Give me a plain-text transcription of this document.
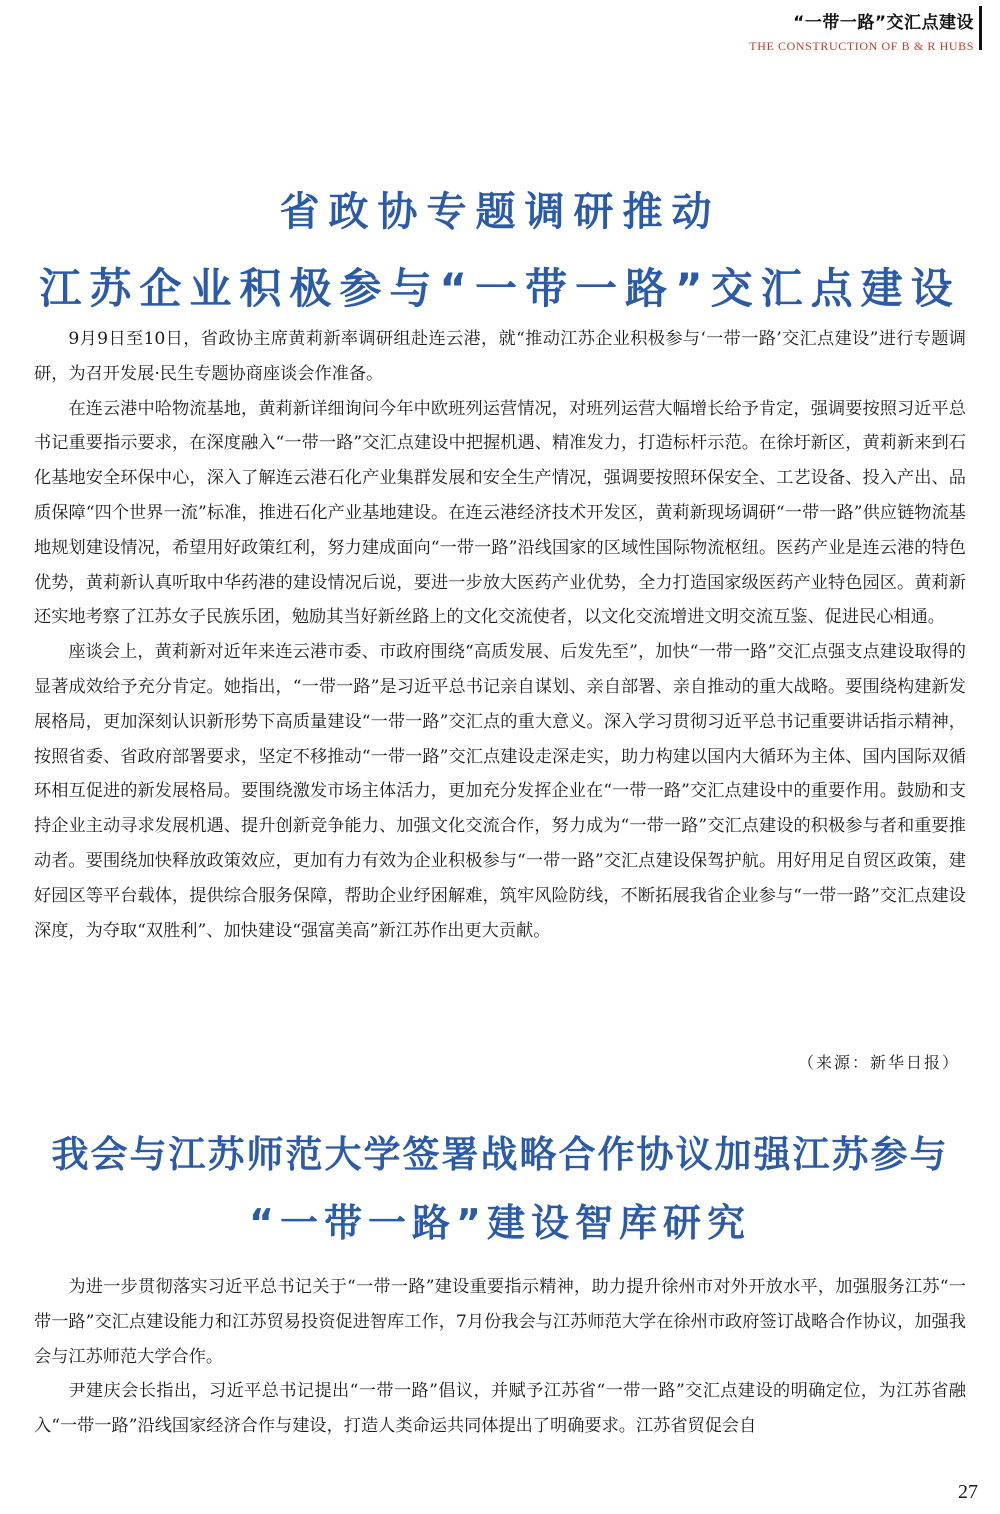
“一带一路”交汇点建设
THE CONSTRUCTION OF B & R HUBS
省政协专题调研推动
江苏企业积极参与“一带一路”交汇点建设

9月9日至10日，省政协主席黄莉新率调研组赴连云港，就“推动江苏企业积极参与‘一带一路’交汇点建设”进行专题调研，为召开发展·民生专题协商座谈会作准备。

在连云港中哈物流基地，黄莉新详细询问今年中欧班列运营情况，对班列运营大幅增长给予肯定，强调要按照习近平总书记重要指示要求，在深度融入“一带一路”交汇点建设中把握机遇、精准发力，打造标杆示范。在徐圩新区，黄莉新来到石化基地安全环保中心，深入了解连云港石化产业集群发展和安全生产情况，强调要按照环保安全、工艺设备、投入产出、品质保障“四个世界一流”标准，推进石化产业基地建设。在连云港经济技术开发区，黄莉新现场调研“一带一路”供应链物流基地规划建设情况，希望用好政策红利，努力建成面向“一带一路”沿线国家的区域性国际物流枢纽。医药产业是连云港的特色优势，黄莉新认真听取中华药港的建设情况后说，要进一步放大医药产业优势，全力打造国家级医药产业特色园区。黄莉新还实地考察了江苏女子民族乐团，勉励其当好新丝路上的文化交流使者，以文化交流增进文明交流互鉴、促进民心相通。

座谈会上，黄莉新对近年来连云港市委、市政府围绕“高质发展、后发先至”，加快“一带一路”交汇点强支点建设取得的显著成效给予充分肯定。她指出，“一带一路”是习近平总书记亲自谋划、亲自部署、亲自推动的重大战略。要围绕构建新发展格局，更加深刻认识新形势下高质量建设“一带一路”交汇点的重大意义。深入学习贯彻习近平总书记重要讲话指示精神，按照省委、省政府部署要求，坚定不移推动“一带一路”交汇点建设走深走实，助力构建以国内大循环为主体、国内国际双循环相互促进的新发展格局。要围绕激发市场主体活力，更加充分发挥企业在“一带一路”交汇点建设中的重要作用。鼓励和支持企业主动寻求发展机遇、提升创新竞争能力、加强文化交流合作，努力成为“一带一路”交汇点建设的积极参与者和重要推动者。要围绕加快释放政策效应，更加有力有效为企业积极参与“一带一路”交汇点建设保驾护航。用好用足自贸区政策，建好园区等平台载体，提供综合服务保障，帮助企业纾困解难，筑牢风险防线，不断拓展我省企业参与“一带一路”交汇点建设深度，为夺取“双胜利”、加快建设“强富美高”新江苏作出更大贡献。

（来源：新华日报）
我会与江苏师范大学签署战略合作协议加强江苏参与
“一带一路”建设智库研究

为进一步贯彻落实习近平总书记关于“一带一路”建设重要指示精神，助力提升徐州市对外开放水平，加强服务江苏“一带一路”交汇点建设能力和江苏贸易投资促进智库工作，7月份我会与江苏师范大学在徐州市政府签订战略合作协议，加强我会与江苏师范大学合作。

尹建庆会长指出，习近平总书记提出“一带一路”倡议，并赋予江苏省“一带一路”交汇点建设的明确定位，为江苏省融入“一带一路”沿线国家经济合作与建设，打造人类命运共同体提出了明确要求。江苏省贸促会自

27
